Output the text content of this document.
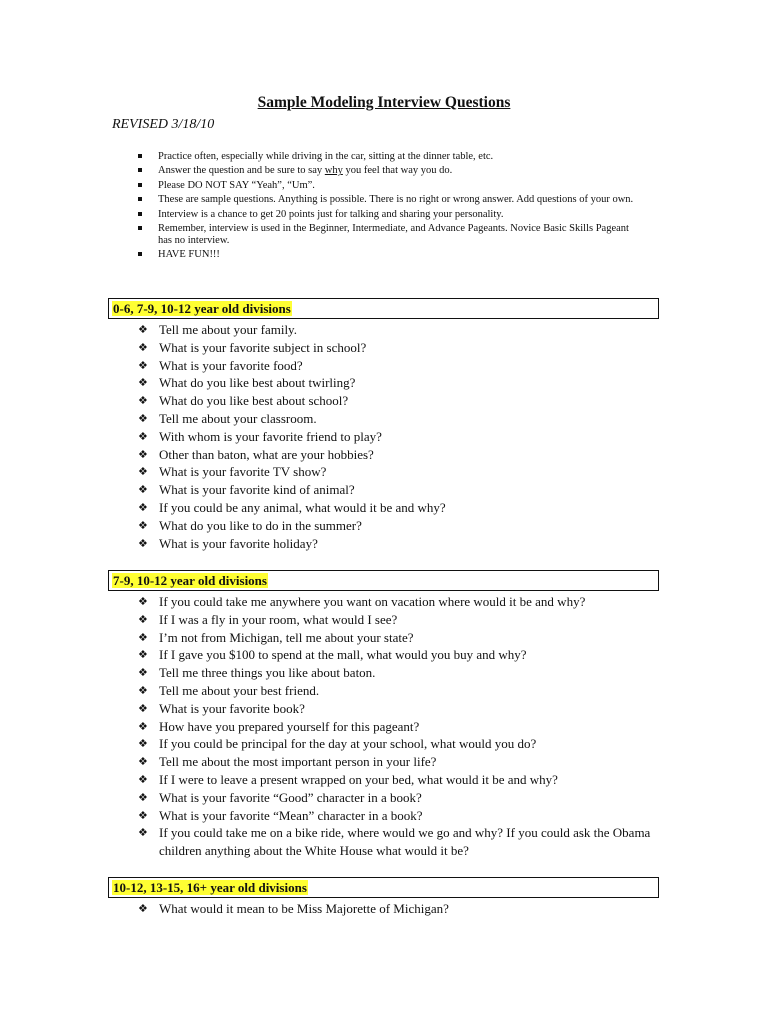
Sample Modeling Interview Questions
REVISED 3/18/10
Practice often, especially while driving in the car, sitting at the dinner table, etc.
Answer the question and be sure to say why you feel that way you do.
Please DO NOT SAY “Yeah”, “Um”.
These are sample questions. Anything is possible. There is no right or wrong answer. Add questions of your own.
Interview is a chance to get 20 points just for talking and sharing your personality.
Remember, interview is used in the Beginner, Intermediate, and Advance Pageants. Novice Basic Skills Pageant has no interview.
HAVE FUN!!!
0-6, 7-9, 10-12 year old divisions
❖ Tell me about your family.
❖ What is your favorite subject in school?
❖ What is your favorite food?
❖ What do you like best about twirling?
❖ What do you like best about school?
❖ Tell me about your classroom.
❖ With whom is your favorite friend to play?
❖ Other than baton, what are your hobbies?
❖ What is your favorite TV show?
❖ What is your favorite kind of animal?
❖ If you could be any animal, what would it be and why?
❖ What do you like to do in the summer?
❖ What is your favorite holiday?
7-9, 10-12 year old divisions
❖ If you could take me anywhere you want on vacation where would it be and why?
❖ If I was a fly in your room, what would I see?
❖ I’m not from Michigan, tell me about your state?
❖ If I gave you $100 to spend at the mall, what would you buy and why?
❖ Tell me three things you like about baton.
❖ Tell me about your best friend.
❖ What is your favorite book?
❖ How have you prepared yourself for this pageant?
❖ If you could be principal for the day at your school, what would you do?
❖ Tell me about the most important person in your life?
❖ If I were to leave a present wrapped on your bed, what would it be and why?
❖ What is your favorite “Good” character in a book?
❖ What is your favorite “Mean” character in a book?
❖ If you could take me on a bike ride, where would we go and why? If you could ask the Obama children anything about the White House what would it be?
10-12, 13-15, 16+ year old divisions
❖ What would it mean to be Miss Majorette of Michigan?
